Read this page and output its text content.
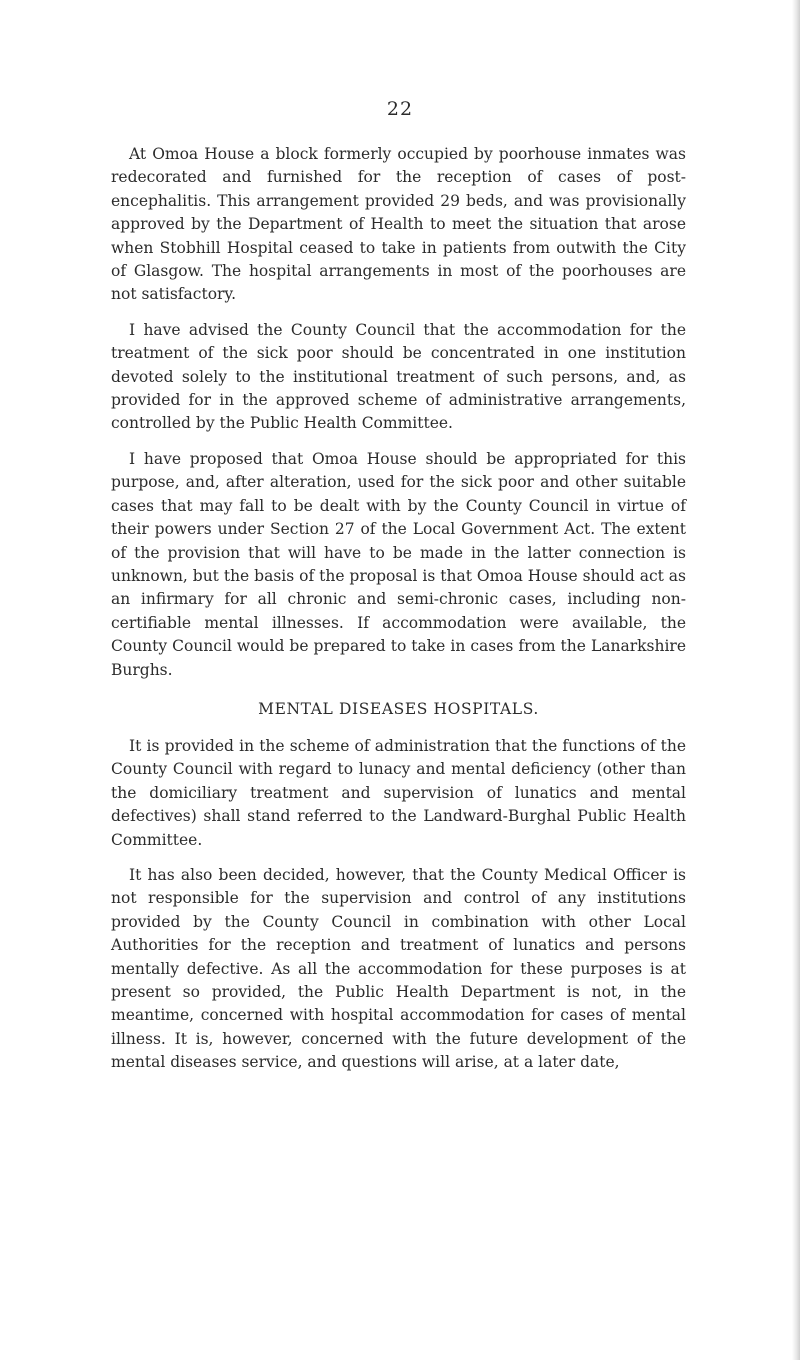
22

At Omoa House a block formerly occupied by poorhouse inmates was redecorated and furnished for the reception of cases of post-encephalitis. This arrangement provided 29 beds, and was provisionally approved by the Department of Health to meet the situation that arose when Stobhill Hospital ceased to take in patients from outwith the City of Glasgow. The hospital arrangements in most of the poorhouses are not satisfactory.

I have advised the County Council that the accommodation for the treatment of the sick poor should be concentrated in one institution devoted solely to the institutional treatment of such persons, and, as provided for in the approved scheme of administrative arrangements, controlled by the Public Health Committee.

I have proposed that Omoa House should be appropriated for this purpose, and, after alteration, used for the sick poor and other suitable cases that may fall to be dealt with by the County Council in virtue of their powers under Section 27 of the Local Government Act. The extent of the provision that will have to be made in the latter connection is unknown, but the basis of the proposal is that Omoa House should act as an infirmary for all chronic and semi-chronic cases, including non-certifiable mental illnesses. If accommodation were available, the County Council would be prepared to take in cases from the Lanarkshire Burghs.

MENTAL DISEASES HOSPITALS.

It is provided in the scheme of administration that the functions of the County Council with regard to lunacy and mental deficiency (other than the domiciliary treatment and supervision of lunatics and mental defectives) shall stand referred to the Landward-Burghal Public Health Committee.

It has also been decided, however, that the County Medical Officer is not responsible for the supervision and control of any institutions provided by the County Council in combination with other Local Authorities for the reception and treatment of lunatics and persons mentally defective. As all the accommodation for these purposes is at present so provided, the Public Health Department is not, in the meantime, concerned with hospital accommodation for cases of mental illness. It is, however, concerned with the future development of the mental diseases service, and questions will arise, at a later date,
